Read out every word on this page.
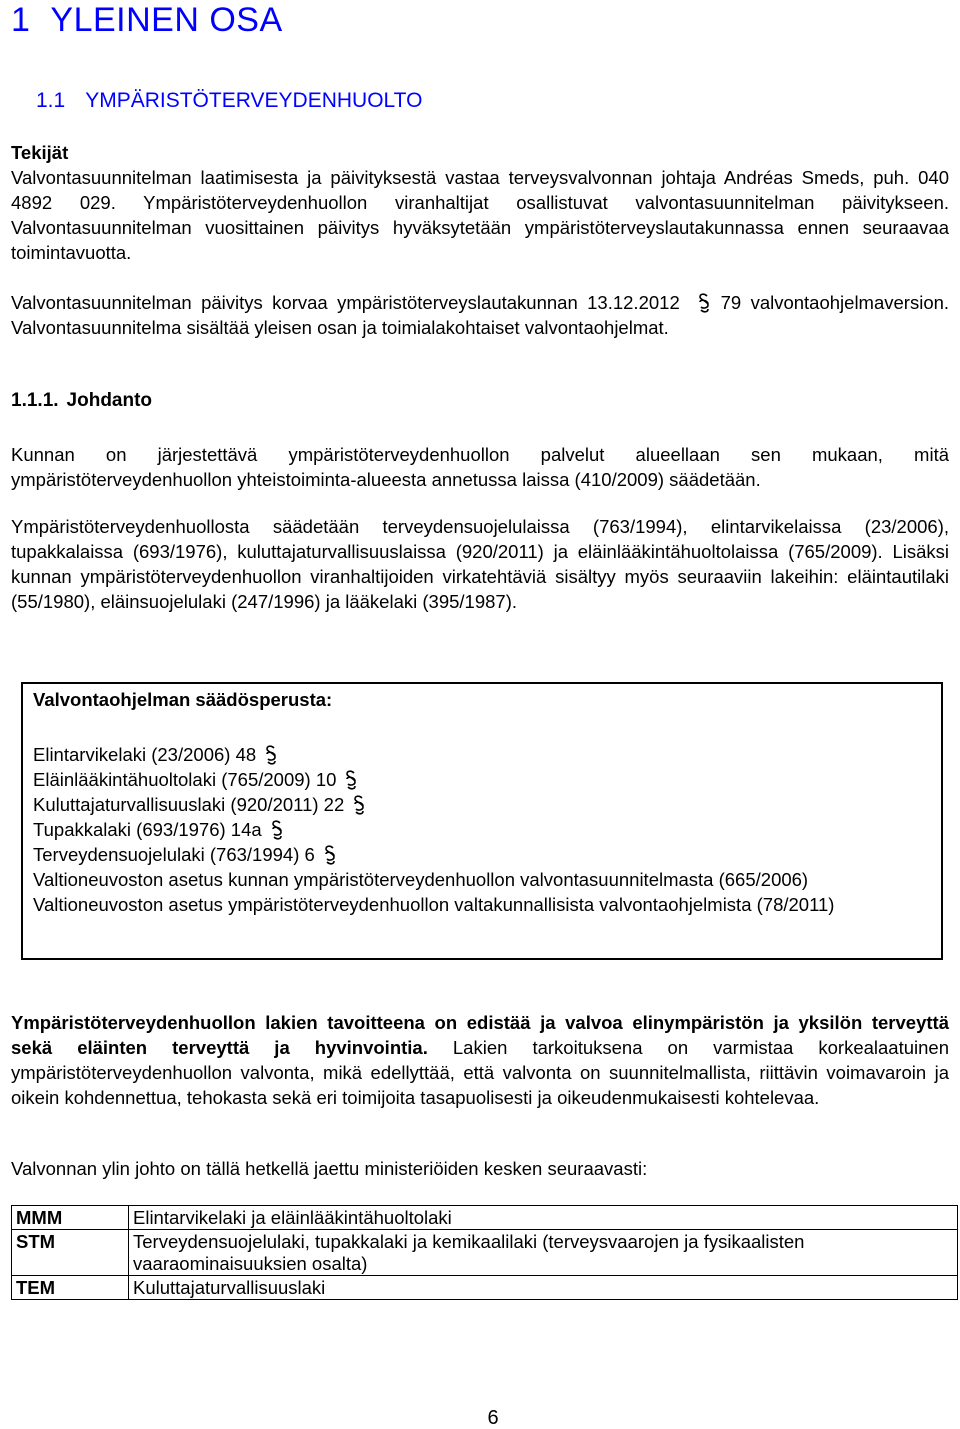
1 YLEINEN OSA
1.1 YMPÄRISTÖTERVEYDENHUOLTO

Tekijät

Valvontasuunnitelman laatimisesta ja päivityksestä vastaa terveysvalvonnan johtaja Andréas Smeds, puh. 040 4892 029. Ympäristöterveydenhuollon viranhaltijat osallistuvat valvontasuunnitelman päivitykseen. Valvontasuunnitelman vuosittainen päivitys hyväksytetään ympäristöterveyslautakunnassa ennen seuraavaa toimintavuotta.

Valvontasuunnitelman päivitys korvaa ympäristöterveyslautakunnan 13.12.2012 79 valvontaohjelmaversion. Valvontasuunnitelma sisältää yleisen osan ja toimialakohtaiset valvontaohjelmat.

1.1.1. Johdanto

Kunnan on järjestettävä ympäristöterveydenhuollon palvelut alueellaan sen mukaan, mitä ympäristöterveydenhuollon yhteistoiminta-alueesta annetussa laissa (410/2009) säädetään.

Ympäristöterveydenhuollosta säädetään terveydensuojelulaissa (763/1994), elintarvikelaissa (23/2006), tupakkalaissa (693/1976), kuluttajaturvallisuuslaissa (920/2011) ja eläinlääkintähuoltolaissa (765/2009). Lisäksi kunnan ympäristöterveydenhuollon viranhaltijoiden virkatehtäviä sisältyy myös seuraaviin lakeihin: eläintautilaki (55/1980), eläinsuojelulaki (247/1996) ja lääkelaki (395/1987).

Valvontaohjelman säädösperusta:

Elintarvikelaki (23/2006) 48

Eläinlääkintähuoltolaki (765/2009) 10

Kuluttajaturvallisuuslaki (920/2011) 22

Tupakkalaki (693/1976) 14a

Terveydensuojelulaki (763/1994) 6

Valtioneuvoston asetus kunnan ympäristöterveydenhuollon valvontasuunnitelmasta (665/2006)

Valtioneuvoston asetus ympäristöterveydenhuollon valtakunnallisista valvontaohjelmista (78/2011)

Ympäristöterveydenhuollon lakien tavoitteena on edistää ja valvoa elinympäristön ja yksilön terveyttä sekä eläinten terveyttä ja hyvinvointia. Lakien tarkoituksena on varmistaa korkealaatuinen ympäristöterveydenhuollon valvonta, mikä edellyttää, että valvonta on suunnitelmallista, riittävin voimavaroin ja oikein kohdennettua, tehokasta sekä eri toimijoita tasapuolisesti ja oikeudenmukaisesti kohtelevaa.

Valvonnan ylin johto on tällä hetkellä jaettu ministeriöiden kesken seuraavasti:

MMM	Elintarvikelaki ja eläinlääkintähuoltolaki
STM	Terveydensuojelulaki, tupakkalaki ja kemikaalilaki (terveysvaarojen ja fysikaalisten vaaraominaisuuksien osalta)
TEM	Kuluttajaturvallisuuslaki
6
